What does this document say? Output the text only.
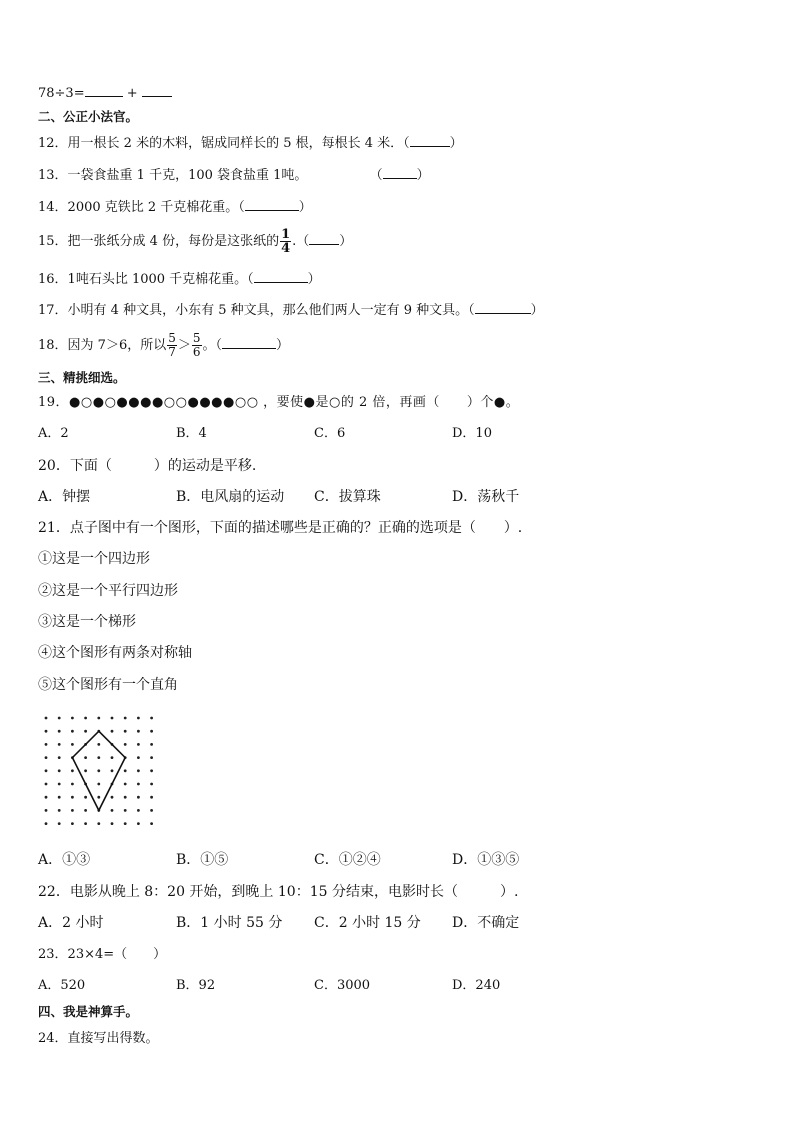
78÷3=	+
二、公正小法官。
12．用一根长 2 米的木料，锯成同样长的 5 根，每根长 4 米．（	）
13．一袋食盐重 1 千克，100 袋食盐重 1吨。	（	）
14．2000 克铁比 2 千克棉花重。（	）
15．把一张纸分成 4 份，每份是这张纸的 $\frac{1}{4}$ .（ ）
16．1吨石头比 1000 千克棉花重。（	）
17．小明有 4 种文具，小东有 5 种文具，那么他们两人一定有 9 种文具。（	）
18．因为 7＞6，所以 $\frac{5}{7} > \frac{5}{6}$ 。（	）
三、精挑细选。
19．●○●○●●●●○○●●●●○○ ，要使●是○的 2 倍，再画（　　）个●。
A．2	B．4	C．6	D．10
20．下面（　　　）的运动是平移.
A．钟摆	B．电风扇的运动 C．拔算珠	D．荡秋千
21．点子图中有一个图形，下面的描述哪些是正确的？正确的选项是（　　）.
①这是一个四边形
②这是一个平行四边形
③这是一个梯形
④这个图形有两条对称轴
⑤这个图形有一个直角
A．①③	B．①⑤	C．①②④	D．①③⑤
22．电影从晚上 8：20 开始，到晚上 10：15 分结束，电影时长（　　　）.
A．2 小时	B．1 小时 55 分 C．2 小时 15 分 D．不确定
23．23×4=（　　）
A．520	B．92	C．3000	D．240
四、我是神算手。
24．直接写出得数。
